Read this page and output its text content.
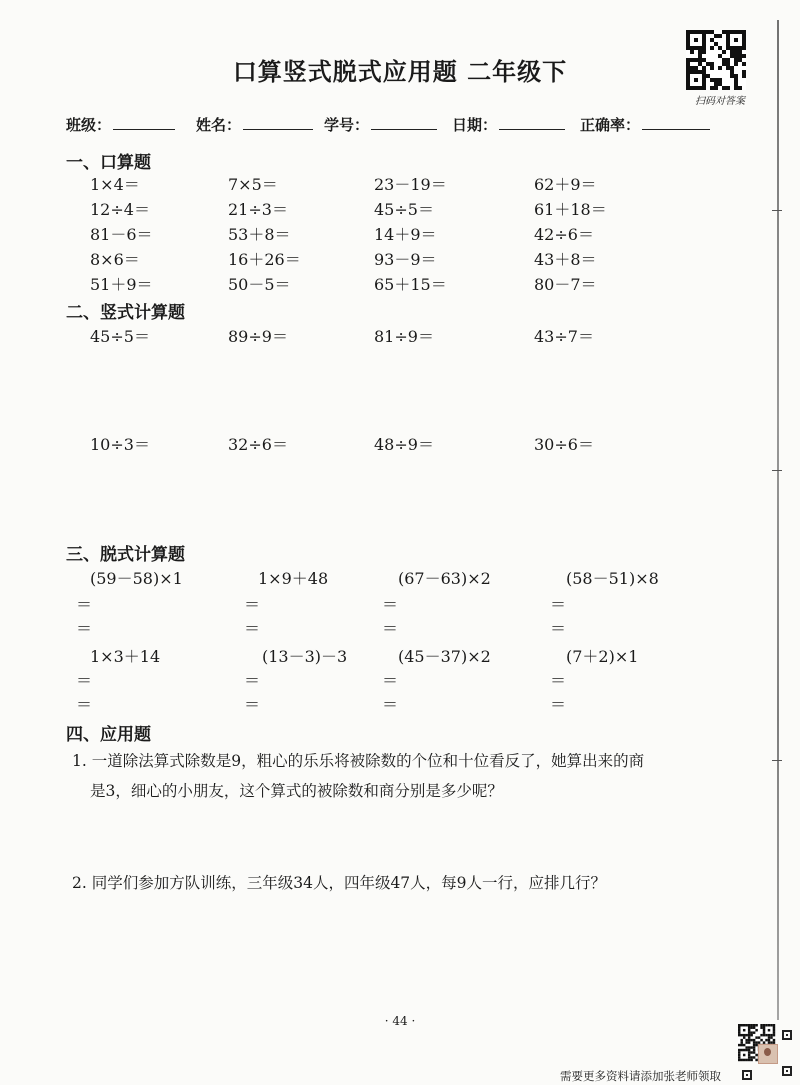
口算竖式脱式应用题 二年级下
扫码对答案
班级：	姓名：	学号：	日期：	正确率：
一、口算题
1×4＝	7×5＝	23－19＝	62＋9＝
12÷4＝	21÷3＝	45÷5＝	61＋18＝
81－6＝	53＋8＝	14＋9＝	42÷6＝
8×6＝	16＋26＝	93－9＝	43＋8＝
51＋9＝	50－5＝	65＋15＝	80－7＝
二、竖式计算题
45÷5＝	89÷9＝	81÷9＝	43÷7＝
10÷3＝	32÷6＝	48÷9＝	30÷6＝
三、脱式计算题
(59－58)×1	1×9＋48	(67－63)×2	(58－51)×8
＝	＝	＝	＝
＝	＝	＝	＝
1×3＋14	(13－3)－3	(45－37)×2	(7＋2)×1
＝	＝	＝	＝
＝	＝	＝	＝
四、应用题
1. 一道除法算式除数是9，粗心的乐乐将被除数的个位和十位看反了，她算出来的商
是3，细心的小朋友，这个算式的被除数和商分别是多少呢？
2. 同学们参加方队训练，三年级34人，四年级47人，每9人一行，应排几行？
· 44 ·
需要更多资料请添加张老师领取
